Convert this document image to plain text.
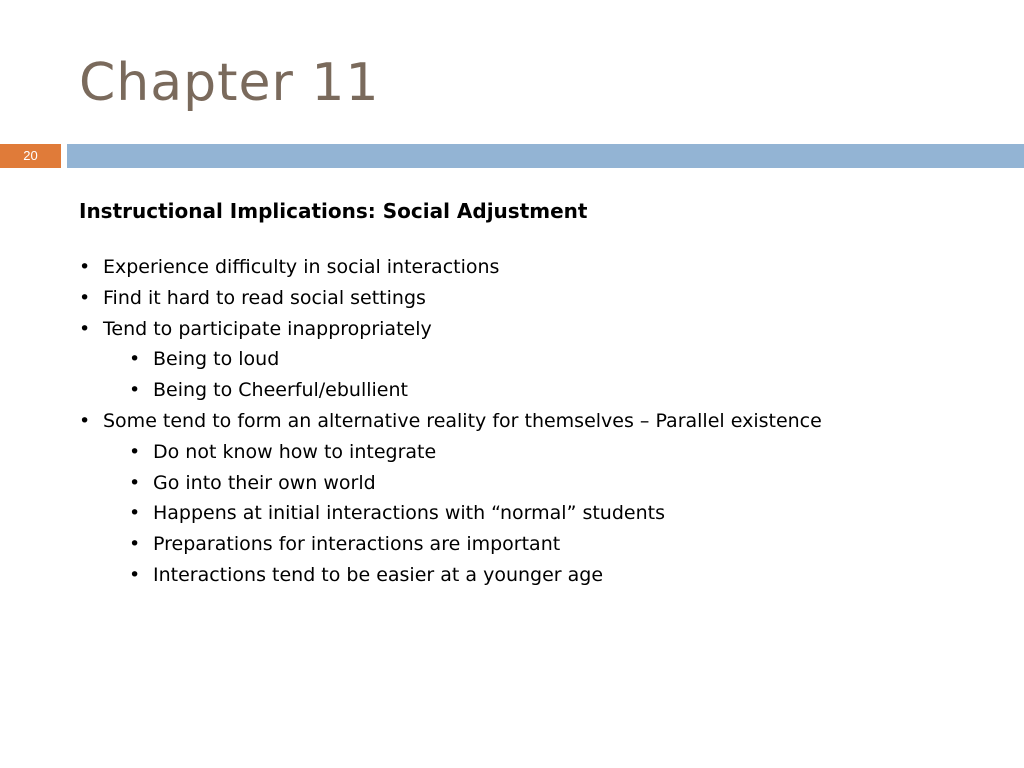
Chapter 11
20
Instructional Implications: Social Adjustment
• Experience difficulty in social interactions
• Find it hard to read social settings
• Tend to participate inappropriately
• Being to loud
• Being to Cheerful/ebullient
• Some tend to form an alternative reality for themselves – Parallel existence
• Do not know how to integrate
• Go into their own world
• Happens at initial interactions with “normal” students
• Preparations for interactions are important
• Interactions tend to be easier at a younger age
